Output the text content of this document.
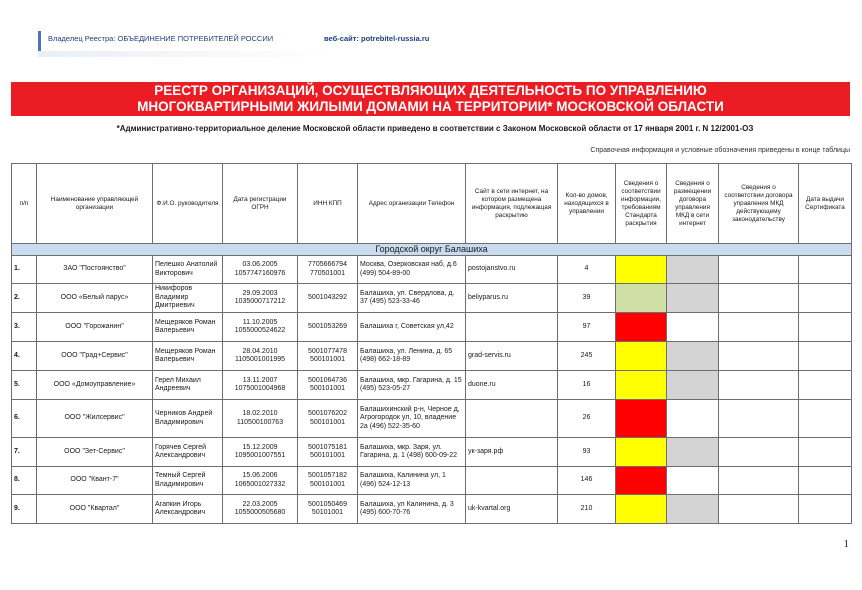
Владелец Реестра: ОБЪЕДИНЕНИЕ ПОТРЕБИТЕЛЕЙ РОССИИ	веб-сайт: potrebitel-russia.ru
РЕЕСТР ОРГАНИЗАЦИЙ, ОСУЩЕСТВЛЯЮЩИХ ДЕЯТЕЛЬНОСТЬ ПО УПРАВЛЕНИЮ
МНОГОКВАРТИРНЫМИ ЖИЛЫМИ ДОМАМИ НА ТЕРРИТОРИИ* МОСКОВСКОЙ ОБЛАСТИ
*Административно-территориальное деление Московской области приведено в соответствии с Законом Московской области от 17 января 2001 г. N 12/2001-ОЗ
Справочная информация и условные обозначения приведены в конце таблицы
п/п	Наименование управляющей организации	Ф.И.О. руководителя	Дата регистрации ОГРН	ИНН КПП	Адрес организации Телефон	Сайт в сети интернет, на котором размещена информация, подлежащая раскрытию	Кол-во домов, находящихся в управлении	Сведения о соответствии информации, требованиям Стандарта раскрытия	Сведения о размещении договора управления МКД в сети интернет	Сведения о соответствии договора управления МКД действующему законодательству	Дата выдачи Сертификата
Городской округ Балашиха											
1.	ЗАО "Постоянство"	Пелешко Анатолий Викторович	03.06.2005 1057747160976	7705666794 770501001	Москва, Озерковская наб, д.6 (499) 504-89-00	postojanstvo.ru	4				
2.	ООО «Белый парус»	Никифоров Владимир Дмитриевич	29.09.2003 1035000717212	5001043292	Балашиха, ул. Свердлова, д. 37 (495) 523-33-46	beliyparus.ru	39				
3.	ООО "Горожанин"	Мещеряков Роман Валерьевич	11.10.2005 1055000524622	5001053269	Балашиха г, Советская ул,42		97				
4.	ООО "Град+Сервис"	Мещеряков Роман Валерьевич	28.04.2010 1105001001995	5001077478 500101001	Балашиха, ул. Ленина, д. 65 (498) 662-18-89	grad-servis.ru	245				
5.	ООО «Домоуправление»	Герел Михаил Андреевич	13.11.2007 1075001004968	5001064736 500101001	Балашиха, мкр. Гагарина, д. 15 (495) 523-05-27	duone.ru	16				
6.	ООО "Жилсервис"	Черников Андрей Владимирович	18.02.2010 110500100763	5001076202 500101001	Балашихинский р-н, Черное д, Агрогородок ул, 10, владение 2а (496) 522-35-60		26				
7.	ООО "Зет-Сервис"	Горячев Сергей Александрович	15.12.2009 1095001007551	5001075181 500101001	Балашиха, мкр. Заря, ул. Гагарина, д. 1 (498) 600-09-22	ук-заря.рф	93				
8.	ООО "Квант-7"	Темный Сергей Владимирович	15.06.2006 1065001027332	5001057182 500101001	Балашиха, Калинина ул, 1 (496) 524-12-13		146				
9.	ООО "Квартал"	Агапкин Игорь Александрович	22.03.2005 1055000505680	5001050469 50101001	Балашиха, ул Калинина, д. 3 (495) 600-70-76	uk-kvartal.org	210				
1
